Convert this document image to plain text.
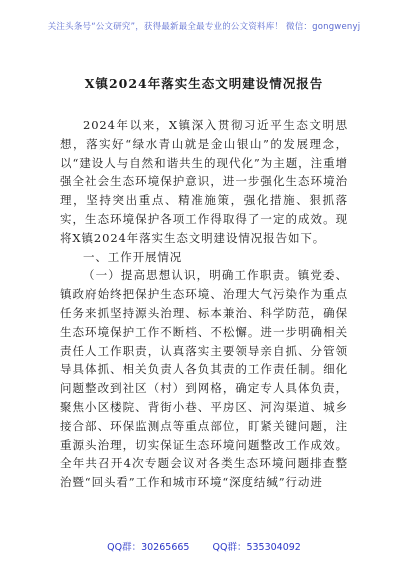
关注头条号“公文研究”，获得最新最全最专业的公文资料库！ 微信：gongwenyj
X镇2024年落实生态文明建设情况报告

2024年以来，X镇深入贯彻习近平生态文明思想，落实好“绿水青山就是金山银山”的发展理念，以“建设人与自然和谐共生的现代化”为主题，注重增强全社会生态环境保护意识，进一步强化生态环境治理，坚持突出重点、精准施策，强化措施、狠抓落实，生态环境保护各项工作得取得了一定的成效。现将X镇2024年落实生态文明建设情况报告如下。

一、工作开展情况

（一）提高思想认识，明确工作职责。镇党委、镇政府始终把保护生态环境、治理大气污染作为重点任务来抓坚持源头治理、标本兼治、科学防范，确保生态环境保护工作不断档、不松懈。进一步明确相关责任人工作职责，认真落实主要领导亲自抓、分管领导具体抓、相关负责人各负其责的工作责任制。细化问题整改到社区（村）到网格，确定专人具体负责，聚焦小区楼院、背街小巷、平房区、河沟渠道、城乡接合部、环保监测点等重点部位，盯紧关键问题，注重源头治理，切实保证生态环境问题整改工作成效。全年共召开4次专题会议对各类生态环境问题排查整治暨“回头看”工作和城市环境“深度结缄”行动进

QQ群：30265665 QQ群：535304092
